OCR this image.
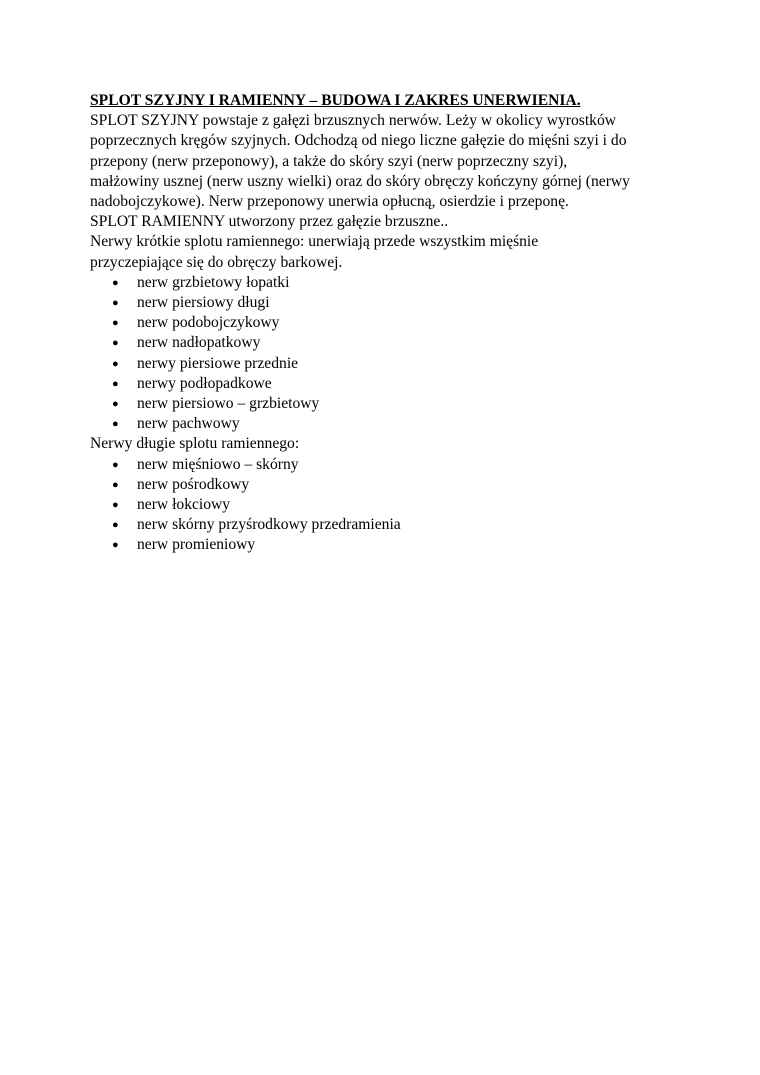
SPLOT SZYJNY I RAMIENNY – BUDOWA I ZAKRES UNERWIENIA.

SPLOT SZYJNY powstaje z gałęzi brzusznych nerwów. Leży w okolicy wyrostków

poprzecznych kręgów szyjnych. Odchodzą od niego liczne gałęzie do mięśni szyi i do

przepony (nerw przeponowy), a także do skóry szyi (nerw poprzeczny szyi),

małżowiny usznej (nerw uszny wielki) oraz do skóry obręczy kończyny górnej (nerwy

nadobojczykowe). Nerw przeponowy unerwia opłucną, osierdzie i przeponę.

SPLOT RAMIENNY utworzony przez gałęzie brzuszne..

Nerwy krótkie splotu ramiennego: unerwiają przede wszystkim mięśnie

przyczepiające się do obręczy barkowej.

● nerw grzbietowy łopatki
● nerw piersiowy długi
● nerw podobojczykowy
● nerw nadłopatkowy
● nerwy piersiowe przednie
● nerwy podłopadkowe
● nerw piersiowo – grzbietowy
● nerw pachwowy

Nerwy długie splotu ramiennego:

● nerw mięśniowo – skórny
● nerw pośrodkowy
● nerw łokciowy
● nerw skórny przyśrodkowy przedramienia
● nerw promieniowy
